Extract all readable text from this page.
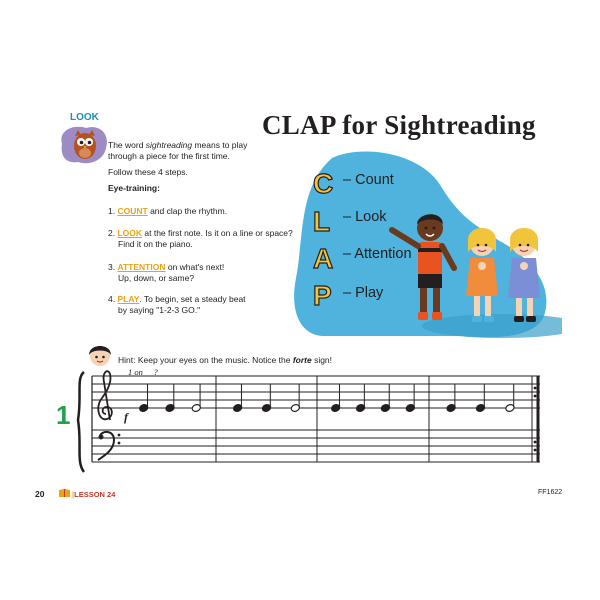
LOOK	CLAP for Sightreading
The word sightreading means to play
through a piece for the first time.
Follow these 4 steps.
Eye-training:
1. COUNT and clap the rhythm.
2. LOOK at the first note. Is it on a line or space?
Find it on the piano.
3. ATTENTION on what's next!
Up, down, or same?
4. PLAY. To begin, set a steady beat
by saying "1-2-3 GO."
C
L
A
P
– Count
– Look
– Attention
– Play
Hint: Keep your eyes on the music. Notice the forte sign!
1 on __?
1	f
20	|LESSON 24	FF1622
